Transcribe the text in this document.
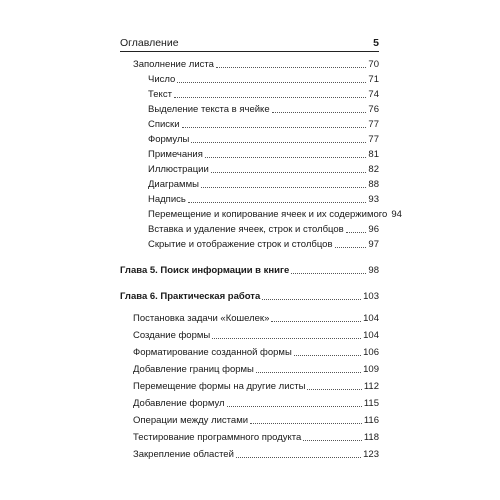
Оглавление	5
Заполнение листа	70
Число	71
Текст	74
Выделение текста в ячейке	76
Списки	77
Формулы	77
Примечания	81
Иллюстрации	82
Диаграммы	88
Надпись	93
Перемещение и копирование ячеек и их содержимого 94
Вставка и удаление ячеек, строк и столбцов	96
Скрытие и отображение строк и столбцов	97
Глава 5. Поиск информации в книге	98
Глава 6. Практическая работа	103
Постановка задачи «Кошелек»	104
Создание формы	104
Форматирование созданной формы	106
Добавление границ формы	109
Перемещение формы на другие листы	112
Добавление формул	115
Операции между листами	116
Тестирование программного продукта	118
Закрепление областей	123
